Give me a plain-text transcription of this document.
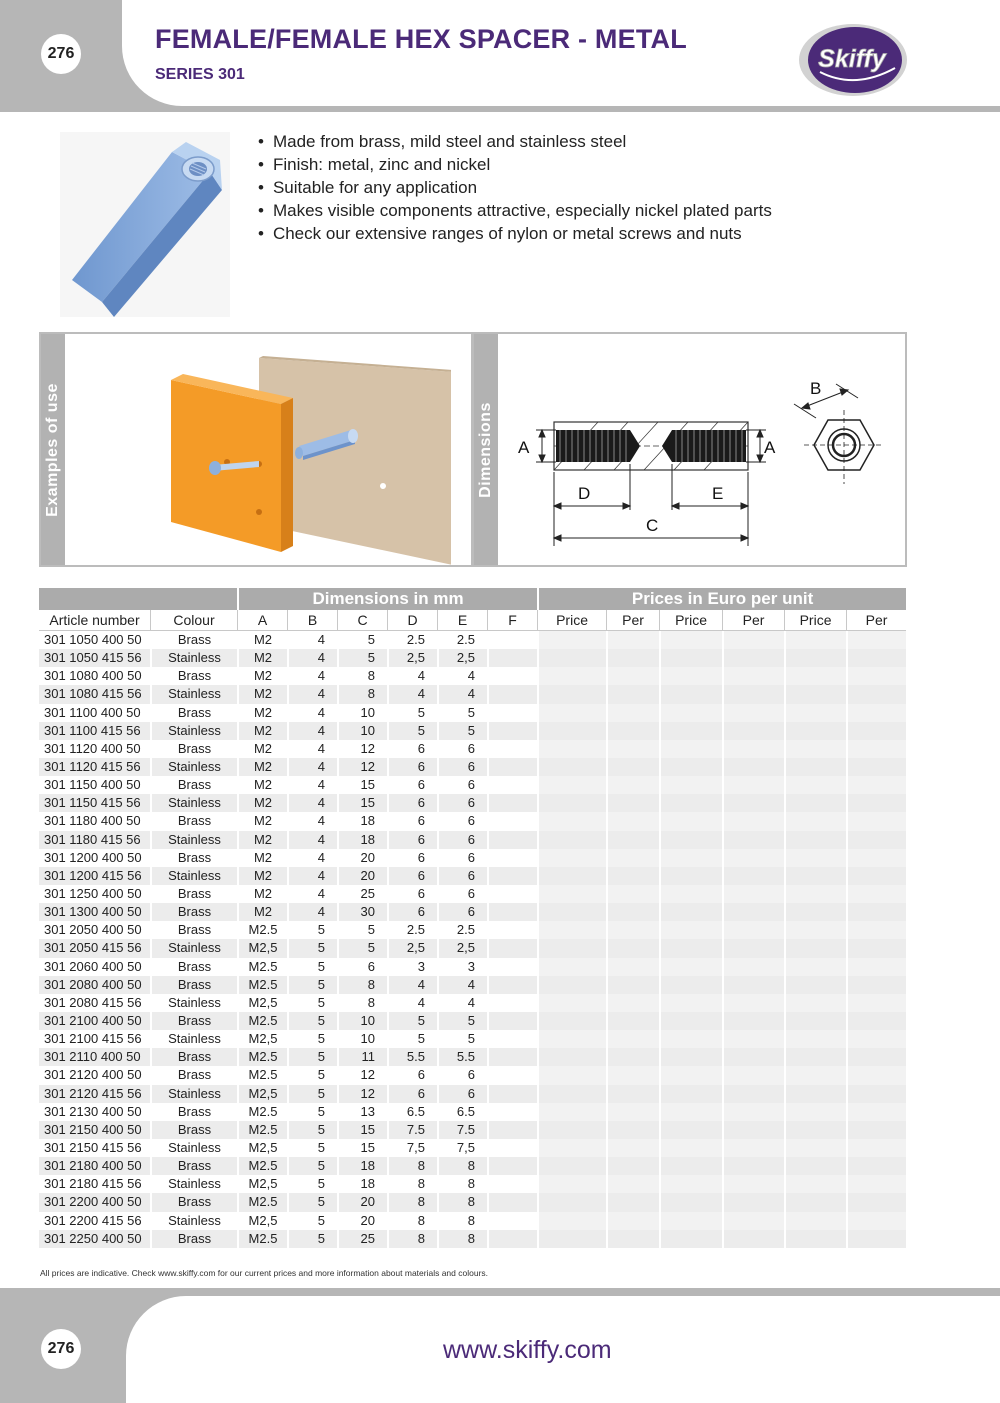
276	FEMALE/FEMALE HEX SPACER - METAL
SERIES 301
Skiffy
• Made from brass, mild steel and stainless steel
• Finish: metal, zinc and nickel
• Suitable for any application
• Makes visible components attractive, especially nickel plated parts
• Check our extensive ranges of nylon or metal screws and nuts
Examples of use	Dimensions A	A
D	E
C
B
		Dimensions in mm						Prices in Euro per unit					
Article number	Colour	A	B	C	D	E	F	Price	Per	Price	Per	Price	Per
301 1050 400 50	Brass	M2	4	5	2.5	2.5							
301 1050 415 56	Stainless	M2	4	5	2,5	2,5							
301 1080 400 50	Brass	M2	4	8	4	4							
301 1080 415 56	Stainless	M2	4	8	4	4							
301 1100 400 50	Brass	M2	4	10	5	5							
301 1100 415 56	Stainless	M2	4	10	5	5							
301 1120 400 50	Brass	M2	4	12	6	6							
301 1120 415 56	Stainless	M2	4	12	6	6							
301 1150 400 50	Brass	M2	4	15	6	6							
301 1150 415 56	Stainless	M2	4	15	6	6							
301 1180 400 50	Brass	M2	4	18	6	6							
301 1180 415 56	Stainless	M2	4	18	6	6							
301 1200 400 50	Brass	M2	4	20	6	6							
301 1200 415 56	Stainless	M2	4	20	6	6							
301 1250 400 50	Brass	M2	4	25	6	6							
301 1300 400 50	Brass	M2	4	30	6	6							
301 2050 400 50	Brass	M2.5	5	5	2.5	2.5							
301 2050 415 56	Stainless	M2,5	5	5	2,5	2,5							
301 2060 400 50	Brass	M2.5	5	6	3	3							
301 2080 400 50	Brass	M2.5	5	8	4	4							
301 2080 415 56	Stainless	M2,5	5	8	4	4							
301 2100 400 50	Brass	M2.5	5	10	5	5							
301 2100 415 56	Stainless	M2,5	5	10	5	5							
301 2110 400 50	Brass	M2.5	5	11	5.5	5.5							
301 2120 400 50	Brass	M2.5	5	12	6	6							
301 2120 415 56	Stainless	M2,5	5	12	6	6							
301 2130 400 50	Brass	M2.5	5	13	6.5	6.5							
301 2150 400 50	Brass	M2.5	5	15	7.5	7.5							
301 2150 415 56	Stainless	M2,5	5	15	7,5	7,5							
301 2180 400 50	Brass	M2.5	5	18	8	8							
301 2180 415 56	Stainless	M2,5	5	18	8	8							
301 2200 400 50	Brass	M2.5	5	20	8	8							
301 2200 415 56	Stainless	M2,5	5	20	8	8							
301 2250 400 50	Brass	M2.5	5	25	8	8							
All prices are indicative. Check www.skiffy.com for our current prices and more information about materials and colours.
276	www.skiffy.com
